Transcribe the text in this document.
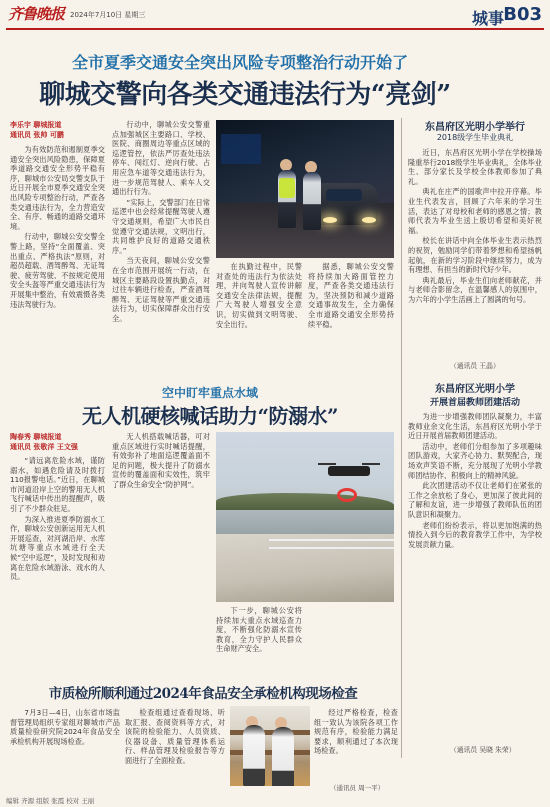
齐鲁晚报 2024年7月10日 星期三	城事 B03
全市夏季交通安全突出风险专项整治行动开始了
聊城交警向各类交通违法行为“亮剑”
李乐宇 聊城报道
通讯员 张帅 可鹏

为有效防范和遏制夏季交通安全突出风险隐患，保障夏季道路交通安全形势平稳有序，聊城市公安局交警支队于近日开展全市夏季交通安全突出风险专项整治行动，严查各类交通违法行为，全力营造安全、有序、畅通的道路交通环境。

行动中，聊城公安交警全警上路，坚持“全面覆盖、突出重点、严格执法”原则，对超员超载、酒驾醉驾、无证驾驶、疲劳驾驶、不按规定使用安全头盔等严重交通违法行为开展集中整治，有效震慑各类违法驾驶行为。

行动中，聊城公安交警重点加强城区主要路口、学校、医院、商圈周边等重点区域的巡逻管控，依法严厉查处违法停车、闯红灯、逆向行驶、占用应急车道等交通违法行为，进一步规范驾驶人、乘车人交通出行行为。

“实际上，交警部门在日常巡逻中也会经常提醒驾驶人遵守交通规则，希望广大市民自觉遵守交通法规，文明出行，共同维护良好的道路交通秩序。”

当天夜间，聊城公安交警在全市范围开展统一行动，在城区主要路段设置执勤点，对过往车辆进行检查，严查酒驾醉驾、无证驾驶等严重交通违法行为，切实保障群众出行安全。

在执勤过程中，民警对查处的违法行为依法处理，并向驾驶人宣传讲解交通安全法律法规，提醒广大驾驶人增强安全意识，切实做到文明驾驶、安全出行。

据悉，聊城公安交警将持续加大路面管控力度，严查各类交通违法行为，坚决预防和减少道路交通事故发生，全力确保全市道路交通安全形势持续平稳。

东昌府区光明小学举行
2018级学生毕业典礼

近日，东昌府区光明小学在学校操场隆重举行2018级学生毕业典礼，全体毕业生、部分家长及学校全体教师参加了典礼。

典礼在庄严的国歌声中拉开序幕。毕业生代表发言，回顾了六年来的学习生活，表达了对母校和老师的感恩之情；教师代表为毕业生送上殷切希望和美好祝福。

校长在讲话中向全体毕业生表示热烈的祝贺，勉励同学们带着梦想和希望扬帆起航，在新的学习阶段中继续努力，成为有理想、有担当的新时代好少年。

典礼最后，毕业生们向老师献花，并与老师合影留念，在温馨感人的氛围中，为六年的小学生活画上了圆满的句号。

（通讯员 王晶）
东昌府区光明小学
开展首届教师团建活动

为进一步增强教师团队凝聚力，丰富教师业余文化生活，东昌府区光明小学于近日开展首届教师团建活动。

活动中，老师们分组参加了多项趣味团队游戏，大家齐心协力、默契配合，现场欢声笑语不断，充分展现了光明小学教师团结协作、积极向上的精神风貌。

此次团建活动不仅让老师们在紧张的工作之余放松了身心，更加深了彼此间的了解和友谊，进一步增强了教师队伍的团队意识和凝聚力。

老师们纷纷表示，将以更加饱满的热情投入到今后的教育教学工作中，为学校发展贡献力量。

（通讯员 吴晓 朱荣）
空中盯牢重点水域
无人机硬核喊话助力“防溺水”
陶春秀 聊城报道
通讯员 张敬洋 王文强

“请远离危险水域，谨防溺水，如遇危险请及时拨打110报警电话。”近日，在聊城市河道沿岸上空的警用无人机飞行喊话中传出的提醒声，吸引了不少群众驻足。

为深入推进夏季防溺水工作，聊城公安创新运用无人机开展巡查，对河湖沿岸、水库坑塘等重点水域进行全天候“空中巡逻”，及时发现和劝离在危险水域游泳、戏水的人员。

无人机搭载喊话器，可对重点区域进行实时喊话提醒，有效弥补了地面巡逻覆盖面不足的问题，极大提升了防溺水宣传的覆盖面和实效性，筑牢了群众生命安全“防护网”。

下一步，聊城公安将持续加大重点水域巡查力度，不断强化防溺水宣传教育，全力守护人民群众生命财产安全。

市质检所顺利通过2024年食品安全承检机构现场检查

7月3日—4日，山东省市场监督管理局组织专家组对聊城市产品质量检验研究院2024年食品安全承检机构开展现场检查。

检查组通过查看现场、听取汇报、查阅资料等方式，对该院的检验能力、人员资质、仪器设备、质量管理体系运行、样品管理及检验报告等方面进行了全面检查。

经过严格检查，检查组一致认为该院各项工作规范有序，检验能力满足要求，顺利通过了本次现场检查。

（通讯员 周一平）
编辑 齐源 组版 张霞 校对 王丽
